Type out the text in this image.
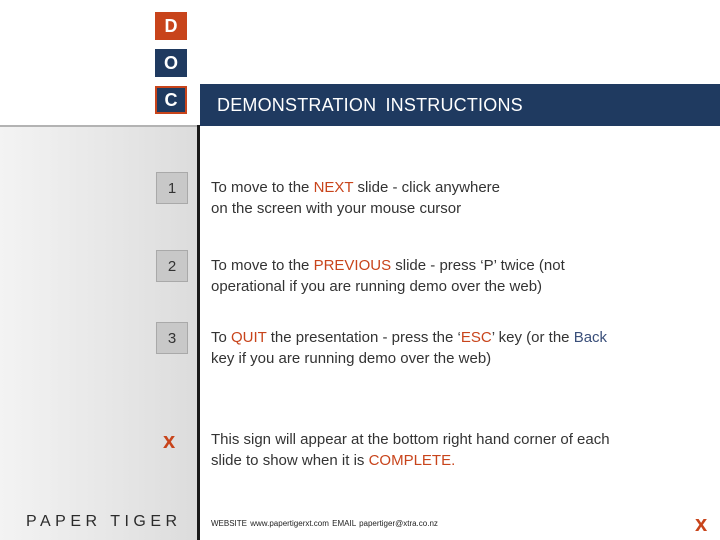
D
O
C	DEMONSTRATION INSTRUCTIONS
1	To move to the NEXT slide - click anywhere
on the screen with your mouse cursor
2	To move to the PREVIOUS slide - press ‘P’ twice (not
operational if you are running demo over the web)
3	To QUIT the presentation - press the ‘ESC’ key (or the Back
key if you are running demo over the web)
x This sign will appear at the bottom right hand corner of each
slide to show when it is COMPLETE.
PAPER TIGER	WEBSITE www.papertigerxt.com EMAIL papertiger@xtra.co.nz	x
